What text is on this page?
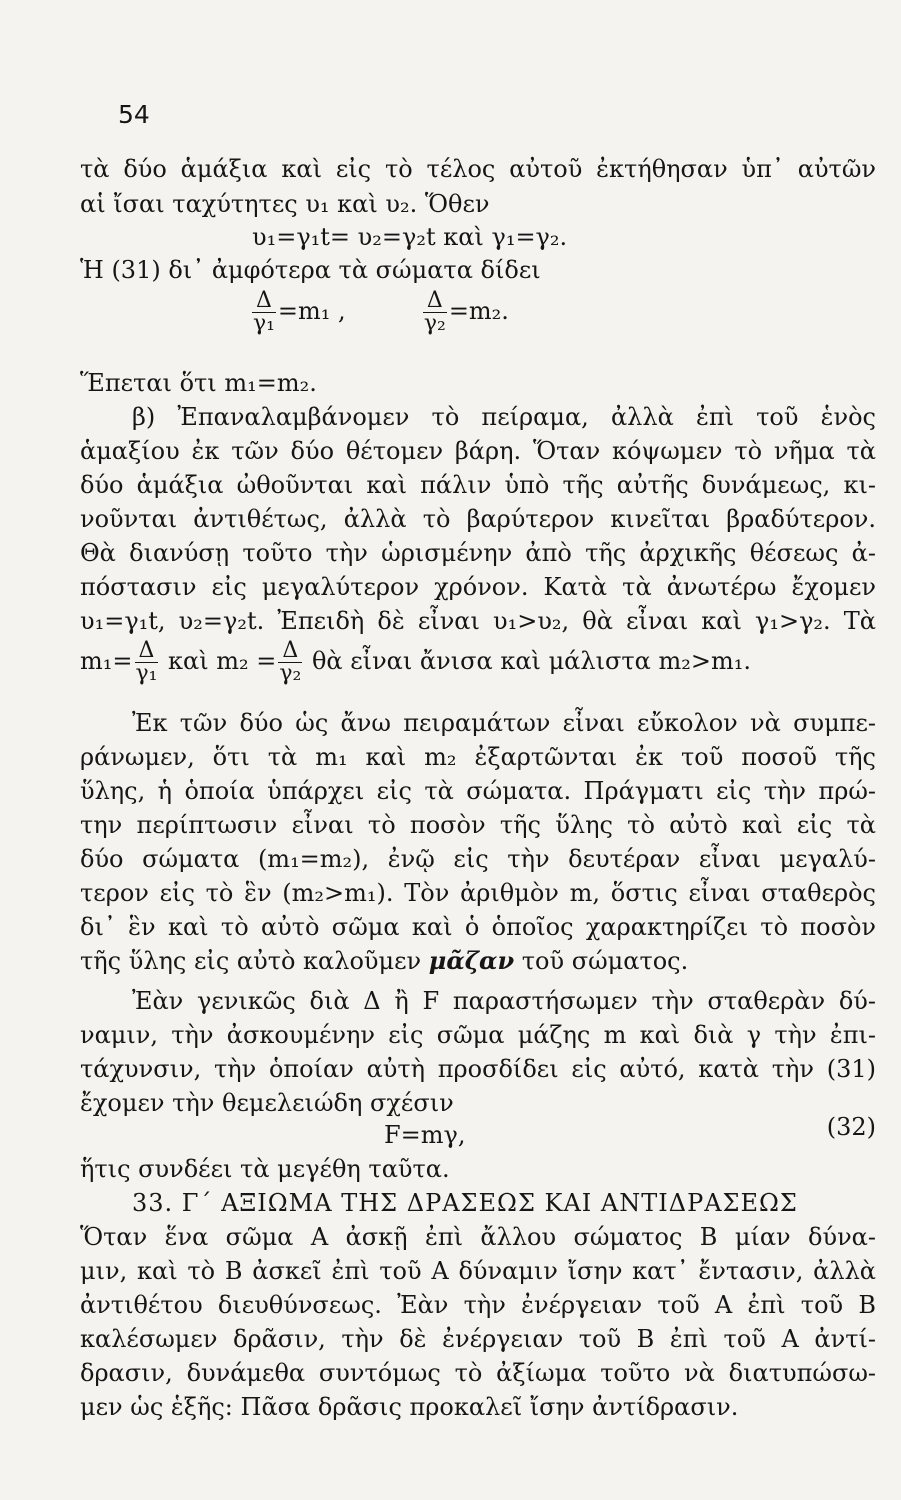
54
τὰ δύο ἁμάξια καὶ εἰς τὸ τέλος αὐτοῦ ἐκτήθησαν ὑπ᾽ αὐτῶν
αἱ ἴσαι ταχύτητες υ₁ καὶ υ₂. Ὅθεν
υ₁=γ₁t= υ₂=γ₂t καὶ γ₁=γ₂.
Ἡ (31) δι᾽ ἀμφότερα τὰ σώματα δίδει
$\frac{\Delta}{\text{γ₁}} =m_1$ ,	$\frac{\Delta}{\text{γ₂}} =m_2$.
Ἕπεται ὅτι m₁=m₂.
β) Ἐπαναλαμβάνομεν τὸ πείραμα, ἀλλὰ ἐπὶ τοῦ ἑνὸς
ἁμαξίου ἐκ τῶν δύο θέτομεν βάρη. Ὅταν κόψωμεν τὸ νῆμα τὰ
δύο ἁμάξια ὠθοῦνται καὶ πάλιν ὑπὸ τῆς αὐτῆς δυνάμεως, κι-
νοῦνται ἀντιθέτως, ἀλλὰ τὸ βαρύτερον κινεῖται βραδύτερον.
Θὰ διανύσῃ τοῦτο τὴν ὡρισμένην ἀπὸ τῆς ἀρχικῆς θέσεως ἀ-
πόστασιν εἰς μεγαλύτερον χρόνον. Κατὰ τὰ ἀνωτέρω ἔχομεν
υ₁=γ₁t, υ₂=γ₂t. Ἐπειδὴ δὲ εἶναι υ₁>υ₂, θὰ εἶναι καὶ γ₁>γ₂. Τὰ
$m_1= \frac{\Delta}{\text{γ₁}}$ καὶ $m_2 = \frac{\Delta}{\text{γ₂}}$ θὰ εἶναι ἄνισα καὶ μάλιστα m₂>m₁.
Ἐκ τῶν δύο ὡς ἄνω πειραμάτων εἶναι εὔκολον νὰ συμπε-
ράνωμεν, ὅτι τὰ m₁ καὶ m₂ ἐξαρτῶνται ἐκ τοῦ ποσοῦ τῆς
ὕλης, ἡ ὁποία ὑπάρχει εἰς τὰ σώματα. Πράγματι εἰς τὴν πρώ-
την περίπτωσιν εἶναι τὸ ποσὸν τῆς ὕλης τὸ αὐτὸ καὶ εἰς τὰ
δύο σώματα (m₁=m₂), ἐνῷ εἰς τὴν δευτέραν εἶναι μεγαλύ-
τερον εἰς τὸ ἓν (m₂>m₁). Τὸν ἀριθμὸν m, ὅστις εἶναι σταθερὸς
δι᾽ ἓν καὶ τὸ αὐτὸ σῶμα καὶ ὁ ὁποῖος χαρακτηρίζει τὸ ποσὸν
τῆς ὕλης εἰς αὐτὸ καλοῦμεν μᾶζαν τοῦ σώματος.
Ἐὰν γενικῶς διὰ Δ ἢ F παραστήσωμεν τὴν σταθερὰν δύ-
ναμιν, τὴν ἀσκουμένην εἰς σῶμα μάζης m καὶ διὰ γ τὴν ἐπι-
τάχυνσιν, τὴν ὁποίαν αὐτὴ προσδίδει εἰς αὐτό, κατὰ τὴν (31)
ἔχομεν τὴν θεμελειώδη σχέσιν
F=mγ,	(32)
ἥτις συνδέει τὰ μεγέθη ταῦτα.
33. Γ΄ ΑΞΙΩΜΑ ΤΗΣ ΔΡΑΣΕΩΣ ΚΑΙ ΑΝΤΙΔΡΑΣΕΩΣ
Ὅταν ἕνα σῶμα Α ἀσκῇ ἐπὶ ἄλλου σώματος Β μίαν δύνα-
μιν, καὶ τὸ Β ἀσκεῖ ἐπὶ τοῦ Α δύναμιν ἴσην κατ᾽ ἔντασιν, ἀλλὰ
ἀντιθέτου διευθύνσεως. Ἐὰν τὴν ἐνέργειαν τοῦ Α ἐπὶ τοῦ Β
καλέσωμεν δρᾶσιν, τὴν δὲ ἐνέργειαν τοῦ Β ἐπὶ τοῦ Α ἀντί-
δρασιν, δυνάμεθα συντόμως τὸ ἀξίωμα τοῦτο νὰ διατυπώσω-
μεν ὡς ἑξῆς: Πᾶσα δρᾶσις προκαλεῖ ἴσην ἀντίδρασιν.
